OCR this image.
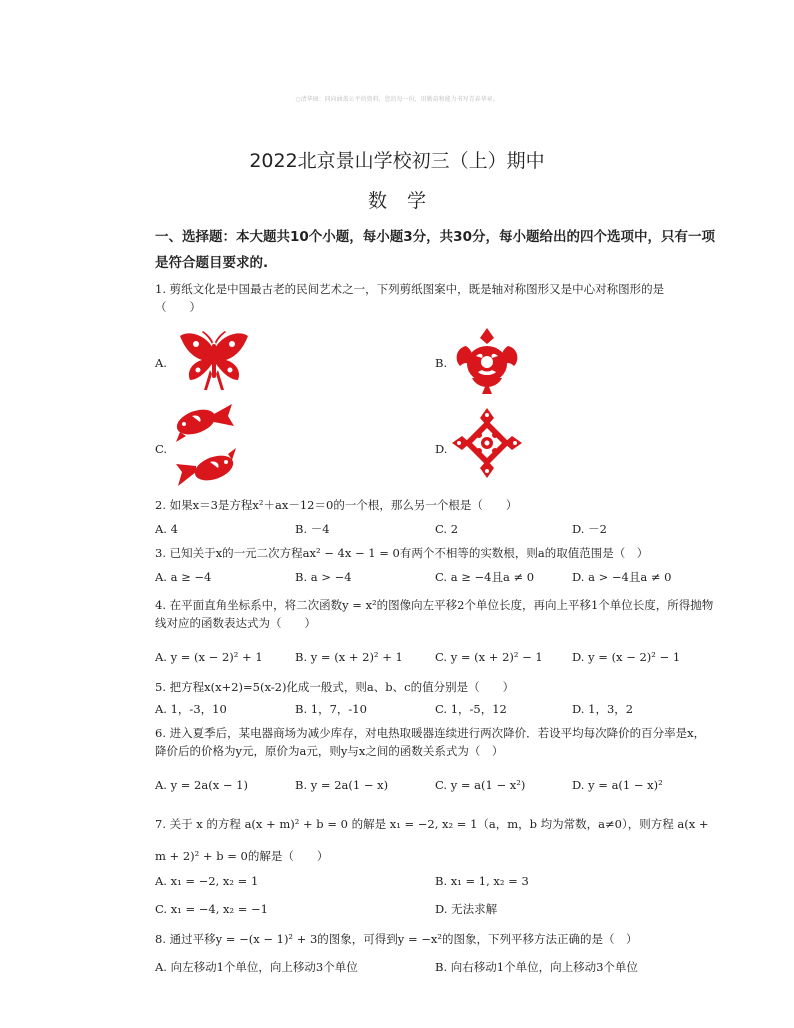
○清华园：同向涵盖公平的资料，您的每一份，用勤奋和能力书写青春华章。
2022北京景山学校初三（上）期中
数学
一、选择题：本大题共10个小题，每小题3分，共30分，每小题给出的四个选项中，只有一项是符合题目要求的.
1. 剪纸文化是中国最古老的民间艺术之一，下列剪纸图案中，既是轴对称图形又是中心对称图形的是
（　　）
A.	B.
C.	D.
2. 如果x＝3是方程x²＋ax－12＝0的一个根，那么另一个根是（　　）
A. 4	B. －4	C. 2	D. －2
3. 已知关于x的一元二次方程ax² − 4x − 1 = 0有两个不相等的实数根，则a的取值范围是（　）
A. a ≥ −4	B. a > −4	C. a ≥ −4且a ≠ 0	D. a > −4且a ≠ 0
4. 在平面直角坐标系中，将二次函数y = x²的图像向左平移2个单位长度，再向上平移1个单位长度，所得抛物线对应的函数表达式为（　　）
A. y = (x − 2)² + 1	B. y = (x + 2)² + 1	C. y = (x + 2)² − 1	D. y = (x − 2)² − 1
5. 把方程x(x+2)=5(x-2)化成一般式，则a、b、c的值分别是（　　）
A. 1，-3，10	B. 1，7，-10	C. 1，-5，12	D. 1，3，2
6. 进入夏季后，某电器商场为减少库存，对电热取暖器连续进行两次降价．若设平均每次降价的百分率是x，降价后的价格为y元，原价为a元，则y与x之间的函数关系式为（　）
A. y = 2a(x − 1)	B. y = 2a(1 − x)	C. y = a(1 − x²)	D. y = a(1 − x)²
7. 关于 x 的方程 a(x + m)² + b = 0 的解是 x₁ = −2, x₂ = 1（a，m，b 均为常数，a≠0），则方程 a(x + m + 2)² + b = 0的解是（　　）
A. x₁ = −2, x₂ = 1	B. x₁ = 1, x₂ = 3
C. x₁ = −4, x₂ = −1	D. 无法求解
8. 通过平移y = −(x − 1)² + 3的图象，可得到y = −x²的图象，下列平移方法正确的是（　）
A. 向左移动1个单位，向上移动3个单位	B. 向右移动1个单位，向上移动3个单位
